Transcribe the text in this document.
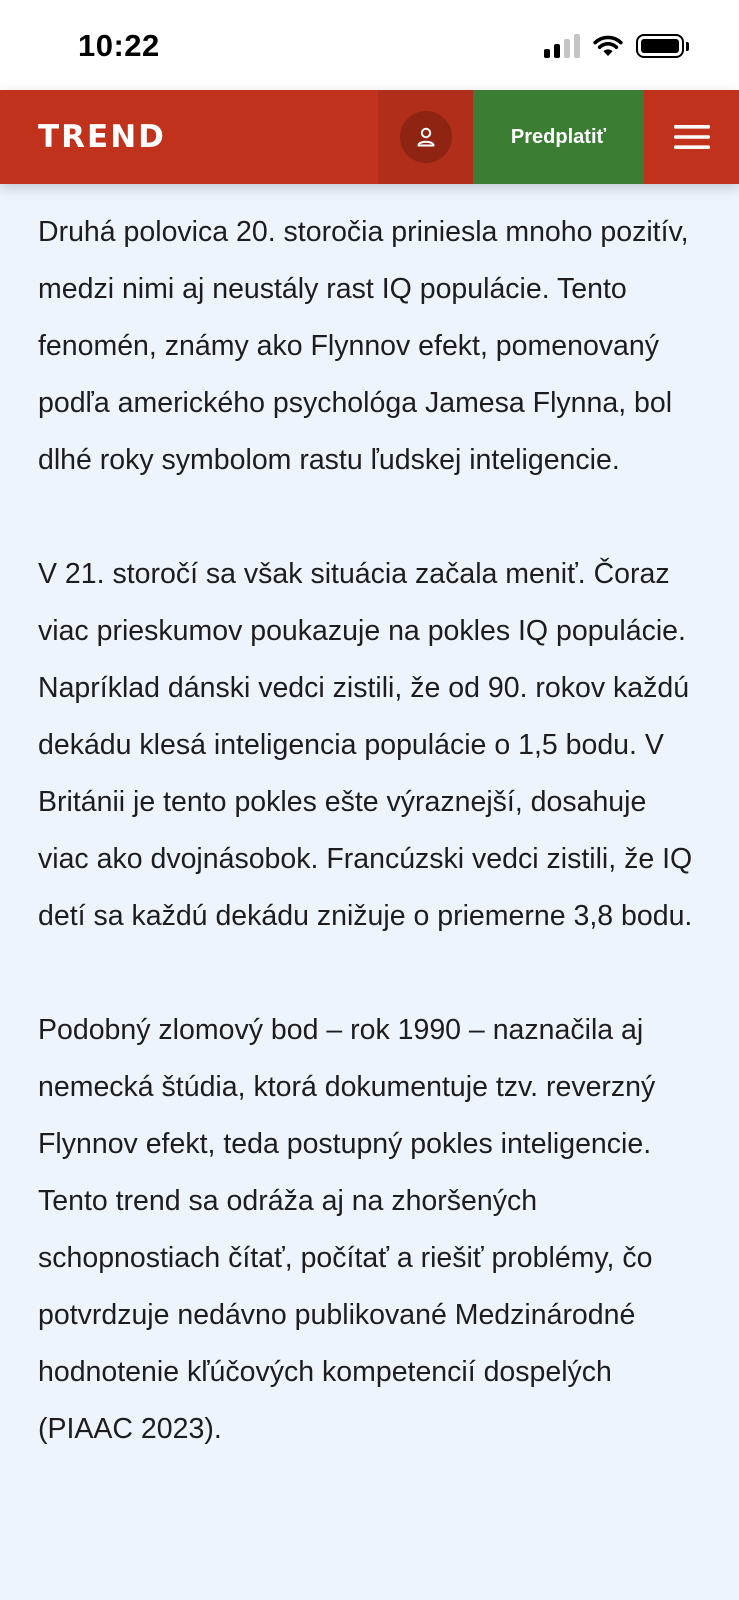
10:22
TREND	Predplatiť

Druhá polovica 20. storočia priniesla mnoho pozitív, medzi nimi aj neustály rast IQ populácie. Tento fenomén, známy ako Flynnov efekt, pomenovaný podľa amerického psychológa Jamesa Flynna, bol dlhé roky symbolom rastu ľudskej inteligencie.

V 21. storočí sa však situácia začala meniť. Čoraz viac prieskumov poukazuje na pokles IQ populácie. Napríklad dánski vedci zistili, že od 90. rokov každú dekádu klesá inteligencia populácie o 1,5 bodu. V Británii je tento pokles ešte výraznejší, dosahuje viac ako dvojnásobok. Francúzski vedci zistili, že IQ detí sa každú dekádu znižuje o priemerne 3,8 bodu.

Podobný zlomový bod – rok 1990 – naznačila aj nemecká štúdia, ktorá dokumentuje tzv. reverzný Flynnov efekt, teda postupný pokles inteligencie. Tento trend sa odráža aj na zhoršených schopnostiach čítať, počítať a riešiť problémy, čo potvrdzuje nedávno publikované Medzinárodné hodnotenie kľúčových kompetencií dospelých (PIAAC 2023).
